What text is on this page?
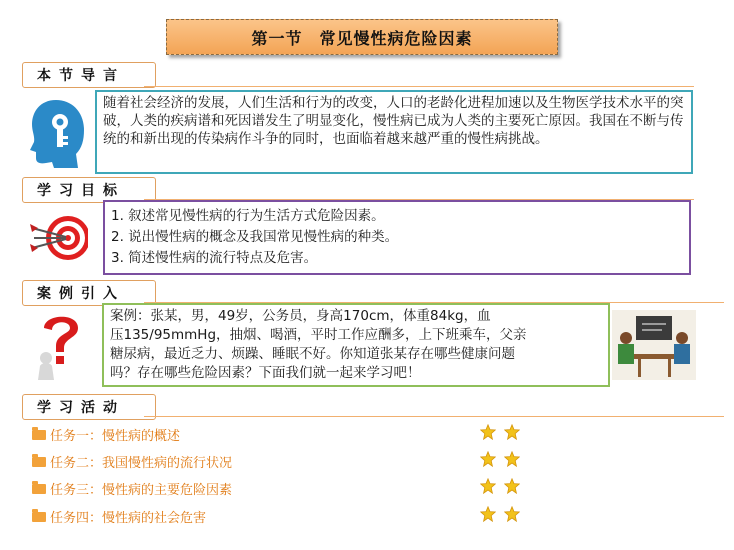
第一节　常见慢性病危险因素
本节导言

随着社会经济的发展，人们生活和行为的改变，人口的老龄化进程加速以及生物医学技术水平的突破，人类的疾病谱和死因谱发生了明显变化，慢性病已成为人类的主要死亡原因。我国在不断与传统的和新出现的传染病作斗争的同时，也面临着越来越严重的慢性病挑战。

学习目标

1. 叙述常见慢性病的行为生活方式危险因素。

2. 说出慢性病的概念及我国常见慢性病的种类。

3. 简述慢性病的流行特点及危害。

案例引入

案例：张某，男，49岁，公务员，身高170cm，体重84kg，血

压135/95mmHg，抽烟、喝酒，平时工作应酬多，上下班乘车，父亲

糖尿病，最近乏力、烦躁、睡眠不好。你知道张某存在哪些健康问题

吗？存在哪些危险因素？下面我们就一起来学习吧！

学习活动
任务一：慢性病的概述
任务二：我国慢性病的流行状况
任务三：慢性病的主要危险因素
任务四：慢性病的社会危害
